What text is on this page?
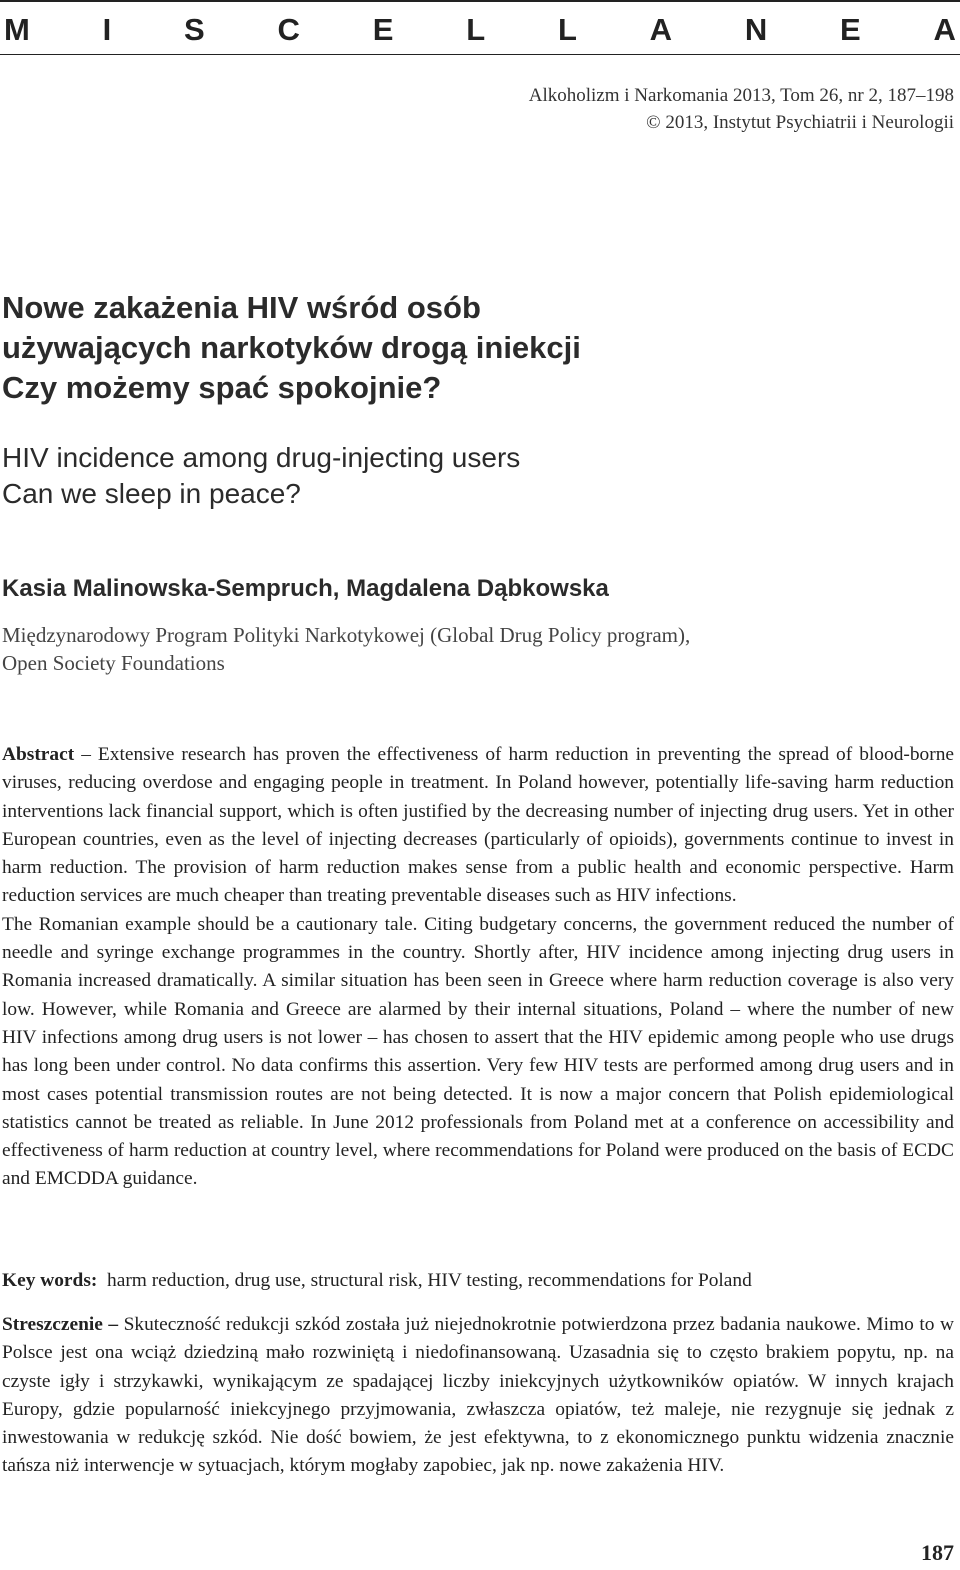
M I S C E L L A N E A
Alkoholizm i Narkomania 2013, Tom 26, nr 2, 187–198
© 2013, Instytut Psychiatrii i Neurologii
Nowe zakażenia HIV wśród osób
używających narkotyków drogą iniekcji
Czy możemy spać spokojnie?
HIV incidence among drug-injecting users
Can we sleep in peace?
Kasia Malinowska-Sempruch, Magdalena Dąbkowska
Międzynarodowy Program Polityki Narkotykowej (Global Drug Policy program),
Open Society Foundations

Abstract – Extensive research has proven the effectiveness of harm reduction in preventing the spread of blood-borne viruses, reducing overdose and engaging people in treatment. In Poland however, potentially life-saving harm reduction interventions lack financial support, which is often justified by the decreasing number of injecting drug users. Yet in other European countries, even as the level of injecting decreases (particularly of opioids), governments continue to invest in harm reduction. The provision of harm reduction makes sense from a public health and economic perspective. Harm reduction services are much cheaper than treating preventable diseases such as HIV infections.

The Romanian example should be a cautionary tale. Citing budgetary concerns, the government reduced the number of needle and syringe exchange programmes in the country. Shortly after, HIV incidence among injecting drug users in Romania increased dramatically. A similar situation has been seen in Greece where harm reduction coverage is also very low. However, while Romania and Greece are alarmed by their internal situations, Poland – where the number of new HIV infections among drug users is not lower – has chosen to assert that the HIV epidemic among people who use drugs has long been under control. No data confirms this assertion. Very few HIV tests are performed among drug users and in most cases potential transmission routes are not being detected. It is now a major concern that Polish epidemiological statistics cannot be treated as reliable. In June 2012 professionals from Poland met at a conference on accessibility and effectiveness of harm reduction at country level, where recommendations for Poland were produced on the basis of ECDC and EMCDDA guidance.

Key words: harm reduction, drug use, structural risk, HIV testing, recommendations for Poland

Streszczenie – Skuteczność redukcji szkód została już niejednokrotnie potwierdzona przez badania naukowe. Mimo to w Polsce jest ona wciąż dziedziną mało rozwiniętą i niedofinansowaną. Uzasadnia się to często brakiem popytu, np. na czyste igły i strzykawki, wynikającym ze spadającej liczby iniekcyjnych użytkowników opiatów. W innych krajach Europy, gdzie popularność iniekcyjnego przyjmowania, zwłaszcza opiatów, też maleje, nie rezygnuje się jednak z inwestowania w redukcję szkód. Nie dość bowiem, że jest efektywna, to z ekonomicznego punktu widzenia znacznie tańsza niż interwencje w sytuacjach, którym mogłaby zapobiec, jak np. nowe zakażenia HIV.

187
